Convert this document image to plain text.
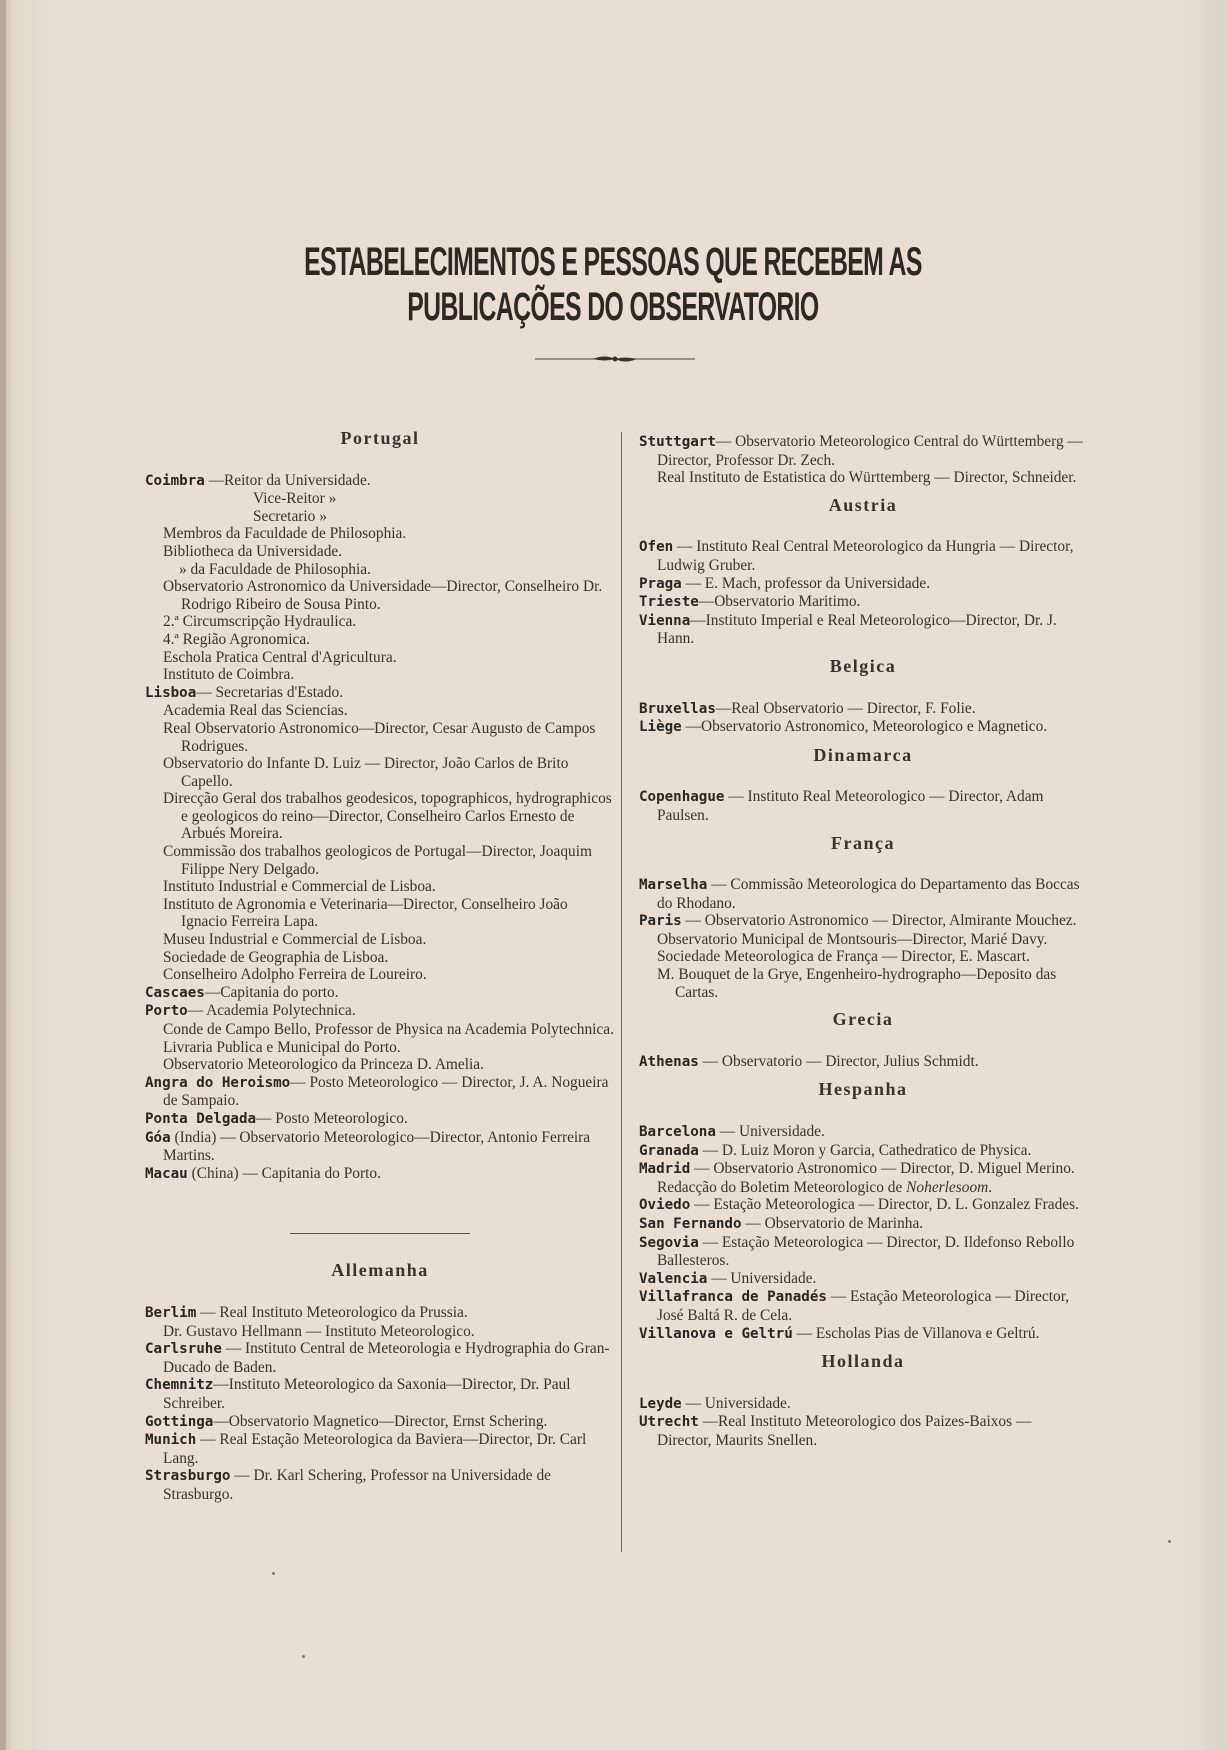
ESTABELECIMENTOS E PESSOAS QUE RECEBEM AS PUBLICAÇÕES DO OBSERVATORIO
Portugal
Coimbra —Reitor da Universidade.
Vice-Reitor »
Secretario »
Membros da Faculdade de Philosophia.
Bibliotheca da Universidade.
» da Faculdade de Philosophia.
Observatorio Astronomico da Universidade—Director, Conselheiro Dr. Rodrigo Ribeiro de Sousa Pinto.
2.ª Circumscripção Hydraulica.
4.ª Região Agronomica.
Eschola Pratica Central d'Agricultura.
Instituto de Coimbra.
Lisboa— Secretarias d'Estado.
Academia Real das Sciencias.
Real Observatorio Astronomico—Director, Cesar Augusto de Campos Rodrigues.
Observatorio do Infante D. Luiz — Director, João Carlos de Brito Capello.
Direcção Geral dos trabalhos geodesicos, topographicos, hydrographicos e geologicos do reino—Director, Conselheiro Carlos Ernesto de Arbués Moreira.
Commissão dos trabalhos geologicos de Portugal—Director, Joaquim Filippe Nery Delgado.
Instituto Industrial e Commercial de Lisboa.
Instituto de Agronomia e Veterinaria—Director, Conselheiro João Ignacio Ferreira Lapa.
Museu Industrial e Commercial de Lisboa.
Sociedade de Geographia de Lisboa.
Conselheiro Adolpho Ferreira de Loureiro.
Cascaes—Capitania do porto.
Porto— Academia Polytechnica.
Conde de Campo Bello, Professor de Physica na Academia Polytechnica.
Livraria Publica e Municipal do Porto.
Observatorio Meteorologico da Princeza D. Amelia.
Angra do Heroismo— Posto Meteorologico — Director, J. A. Nogueira de Sampaio.
Ponta Delgada— Posto Meteorologico.
Góa (India) — Observatorio Meteorologico—Director, Antonio Ferreira Martins.
Macau (China) — Capitania do Porto.
Allemanha
Berlim — Real Instituto Meteorologico da Prussia.
Dr. Gustavo Hellmann — Instituto Meteorologico.
Carlsruhe — Instituto Central de Meteorologia e Hydrographia do Gran-Ducado de Baden.
Chemnitz—Instituto Meteorologico da Saxonia—Director, Dr. Paul Schreiber.
Gottinga—Observatorio Magnetico—Director, Ernst Schering.
Munich — Real Estação Meteorologica da Baviera—Director, Dr. Carl Lang.
Strasburgo — Dr. Karl Schering, Professor na Universidade de Strasburgo.
Stuttgart— Observatorio Meteorologico Central do Württemberg — Director, Professor Dr. Zech.
Real Instituto de Estatistica do Württemberg — Director, Schneider.
Austria
Ofen — Instituto Real Central Meteorologico da Hungria — Director, Ludwig Gruber.
Praga — E. Mach, professor da Universidade.
Trieste—Observatorio Maritimo.
Vienna—Instituto Imperial e Real Meteorologico—Director, Dr. J. Hann.
Belgica
Bruxellas—Real Observatorio — Director, F. Folie.
Liège —Observatorio Astronomico, Meteorologico e Magnetico.
Dinamarca
Copenhague — Instituto Real Meteorologico — Director, Adam Paulsen.
França
Marselha — Commissão Meteorologica do Departamento das Boccas do Rhodano.
Paris — Observatorio Astronomico — Director, Almirante Mouchez.
Observatorio Municipal de Montsouris—Director, Marié Davy.
Sociedade Meteorologica de França — Director, E. Mascart.
M. Bouquet de la Grye, Engenheiro-hydrographo—Deposito das Cartas.
Grecia
Athenas — Observatorio — Director, Julius Schmidt.
Hespanha
Barcelona — Universidade.
Granada — D. Luiz Moron y Garcia, Cathedratico de Physica.
Madrid — Observatorio Astronomico — Director, D. Miguel Merino.
Redacção do Boletim Meteorologico de Noherlesoom.
Oviedo — Estação Meteorologica — Director, D. L. Gonzalez Frades.
San Fernando — Observatorio de Marinha.
Segovia — Estação Meteorologica — Director, D. Ildefonso Rebollo Ballesteros.
Valencia — Universidade.
Villafranca de Panadés — Estação Meteorologica — Director, José Baltá R. de Cela.
Villanova e Geltrú — Escholas Pias de Villanova e Geltrú.
Hollanda
Leyde — Universidade.
Utrecht —Real Instituto Meteorologico dos Paizes-Baixos — Director, Maurits Snellen.
